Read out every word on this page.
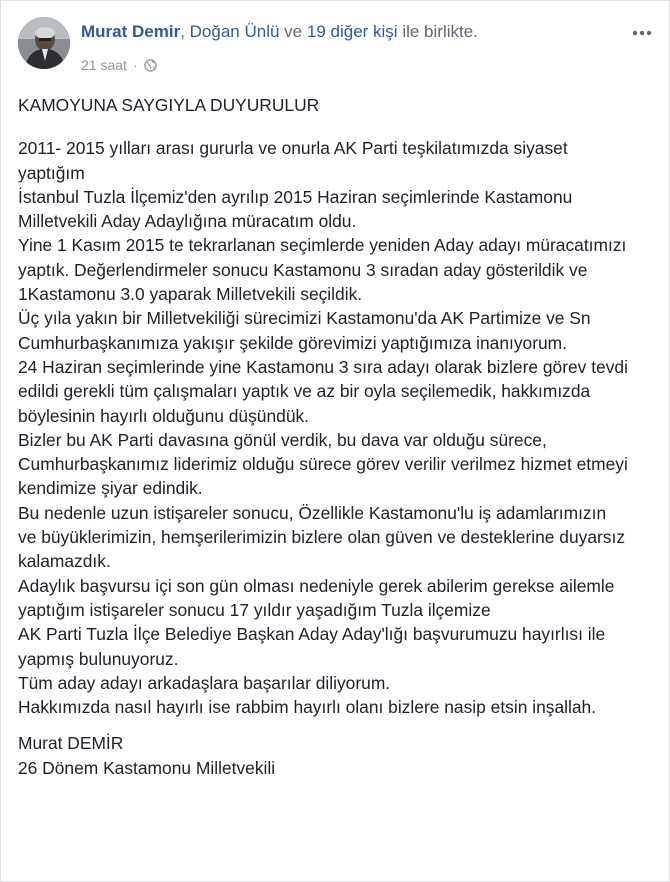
Murat Demir, Doğan Ünlü ve 19 diğer kişi ile birlikte.
21 saat ·

KAMOYUNA SAYGIYLA DUYURULUR

2011- 2015 yılları arası gururla ve onurla AK Parti teşkilatımızda siyaset

yaptığım

İstanbul Tuzla İlçemiz'den ayrılıp 2015 Haziran seçimlerinde Kastamonu

Milletvekili Aday Adaylığına müracatım oldu.

Yine 1 Kasım 2015 te tekrarlanan seçimlerde yeniden Aday adayı müracatımızı

yaptık. Değerlendirmeler sonucu Kastamonu 3 sıradan aday gösterildik ve

1Kastamonu 3.0 yaparak Milletvekili seçildik.

Üç yıla yakın bir Milletvekiliği sürecimizi Kastamonu'da AK Partimize ve Sn

Cumhurbaşkanımıza yakışır şekilde görevimizi yaptığımıza inanıyorum.

24 Haziran seçimlerinde yine Kastamonu 3 sıra adayı olarak bizlere görev tevdi

edildi gerekli tüm çalışmaları yaptık ve az bir oyla seçilemedik, hakkımızda

böylesinin hayırlı olduğunu düşündük.

Bizler bu AK Parti davasına gönül verdik, bu dava var olduğu sürece,

Cumhurbaşkanımız liderimiz olduğu sürece görev verilir verilmez hizmet etmeyi

kendimize şiyar edindik.

Bu nedenle uzun istişareler sonucu, Özellikle Kastamonu'lu iş adamlarımızın

ve büyüklerimizin, hemşerilerimizin bizlere olan güven ve desteklerine duyarsız

kalamazdık.

Adaylık başvursu içi son gün olması nedeniyle gerek abilerim gerekse ailemle

yaptığım istişareler sonucu 17 yıldır yaşadığım Tuzla ilçemize

AK Parti Tuzla İlçe Belediye Başkan Aday Aday'lığı başvurumuzu hayırlısı ile

yapmış bulunuyoruz.

Tüm aday adayı arkadaşlara başarılar diliyorum.

Hakkımızda nasıl hayırlı ise rabbim hayırlı olanı bizlere nasip etsin inşallah.

Murat DEMİR

26 Dönem Kastamonu Milletvekili
